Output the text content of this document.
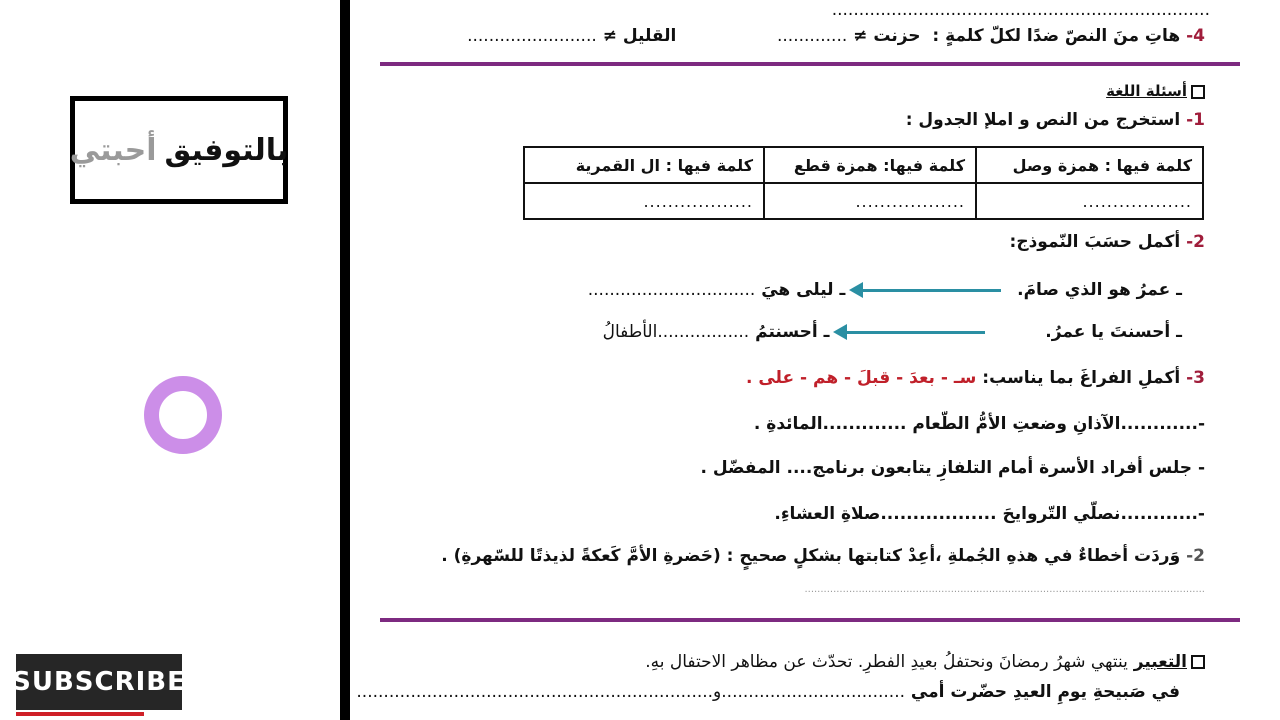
بالتوفيق
أحبتي
SUBSCRIBE
......................................................................
4- هاتِ منَ النصّ ضدًا لكلّ كلمةٍ :  حزنت ≠ .............                 القليل ≠ ........................
أسئلة اللغة
1- استخرج من النص و املإ الجدول :
كلمة فيها : همزة وصل	كلمة فيها: همزة قطع	كلمة فيها : ال القمرية
..................	..................	..................
2- أكمل حسَبَ النّموذج:
ـ عمرُ هو الذي صامَ.  ـ ليلى هيَ ...............................
ـ أحسنتَ يا عمرُ.  ـ أحسنتمُ .................الأطفالُ
3- أكملِ الفراغَ بما يناسب: سـ - بعدَ - قبلَ - هم - على .
-............الآذانِ وضعتِ الأمُّ الطّعام .............المائدةِ .
- جلس أفراد الأسرة أمام التلفازِ يتابعون برنامج.... المفضّل .
-............نصلّي التّروايحَ ..................صلاةِ العشاءِ.
2- وَردَت أخطاءٌ في هذهِ الجُملةِ ،أعِدْ كتابتها بشكلٍ صحيحٍ : (حَضرةِ الأمَّ كَعكةً لذيذتًا للسّهرةِ) .
..............................................................................................................................
التعبير ينتهي شهرُ رمضانَ ونحتفلُ بعيدِ الفطرِ. تحدّث عن مظاهر الاحتفال بهِ.
في صَبيحةِ يومِ العيدِ حضّرت أمي ..................................و..................................................................
